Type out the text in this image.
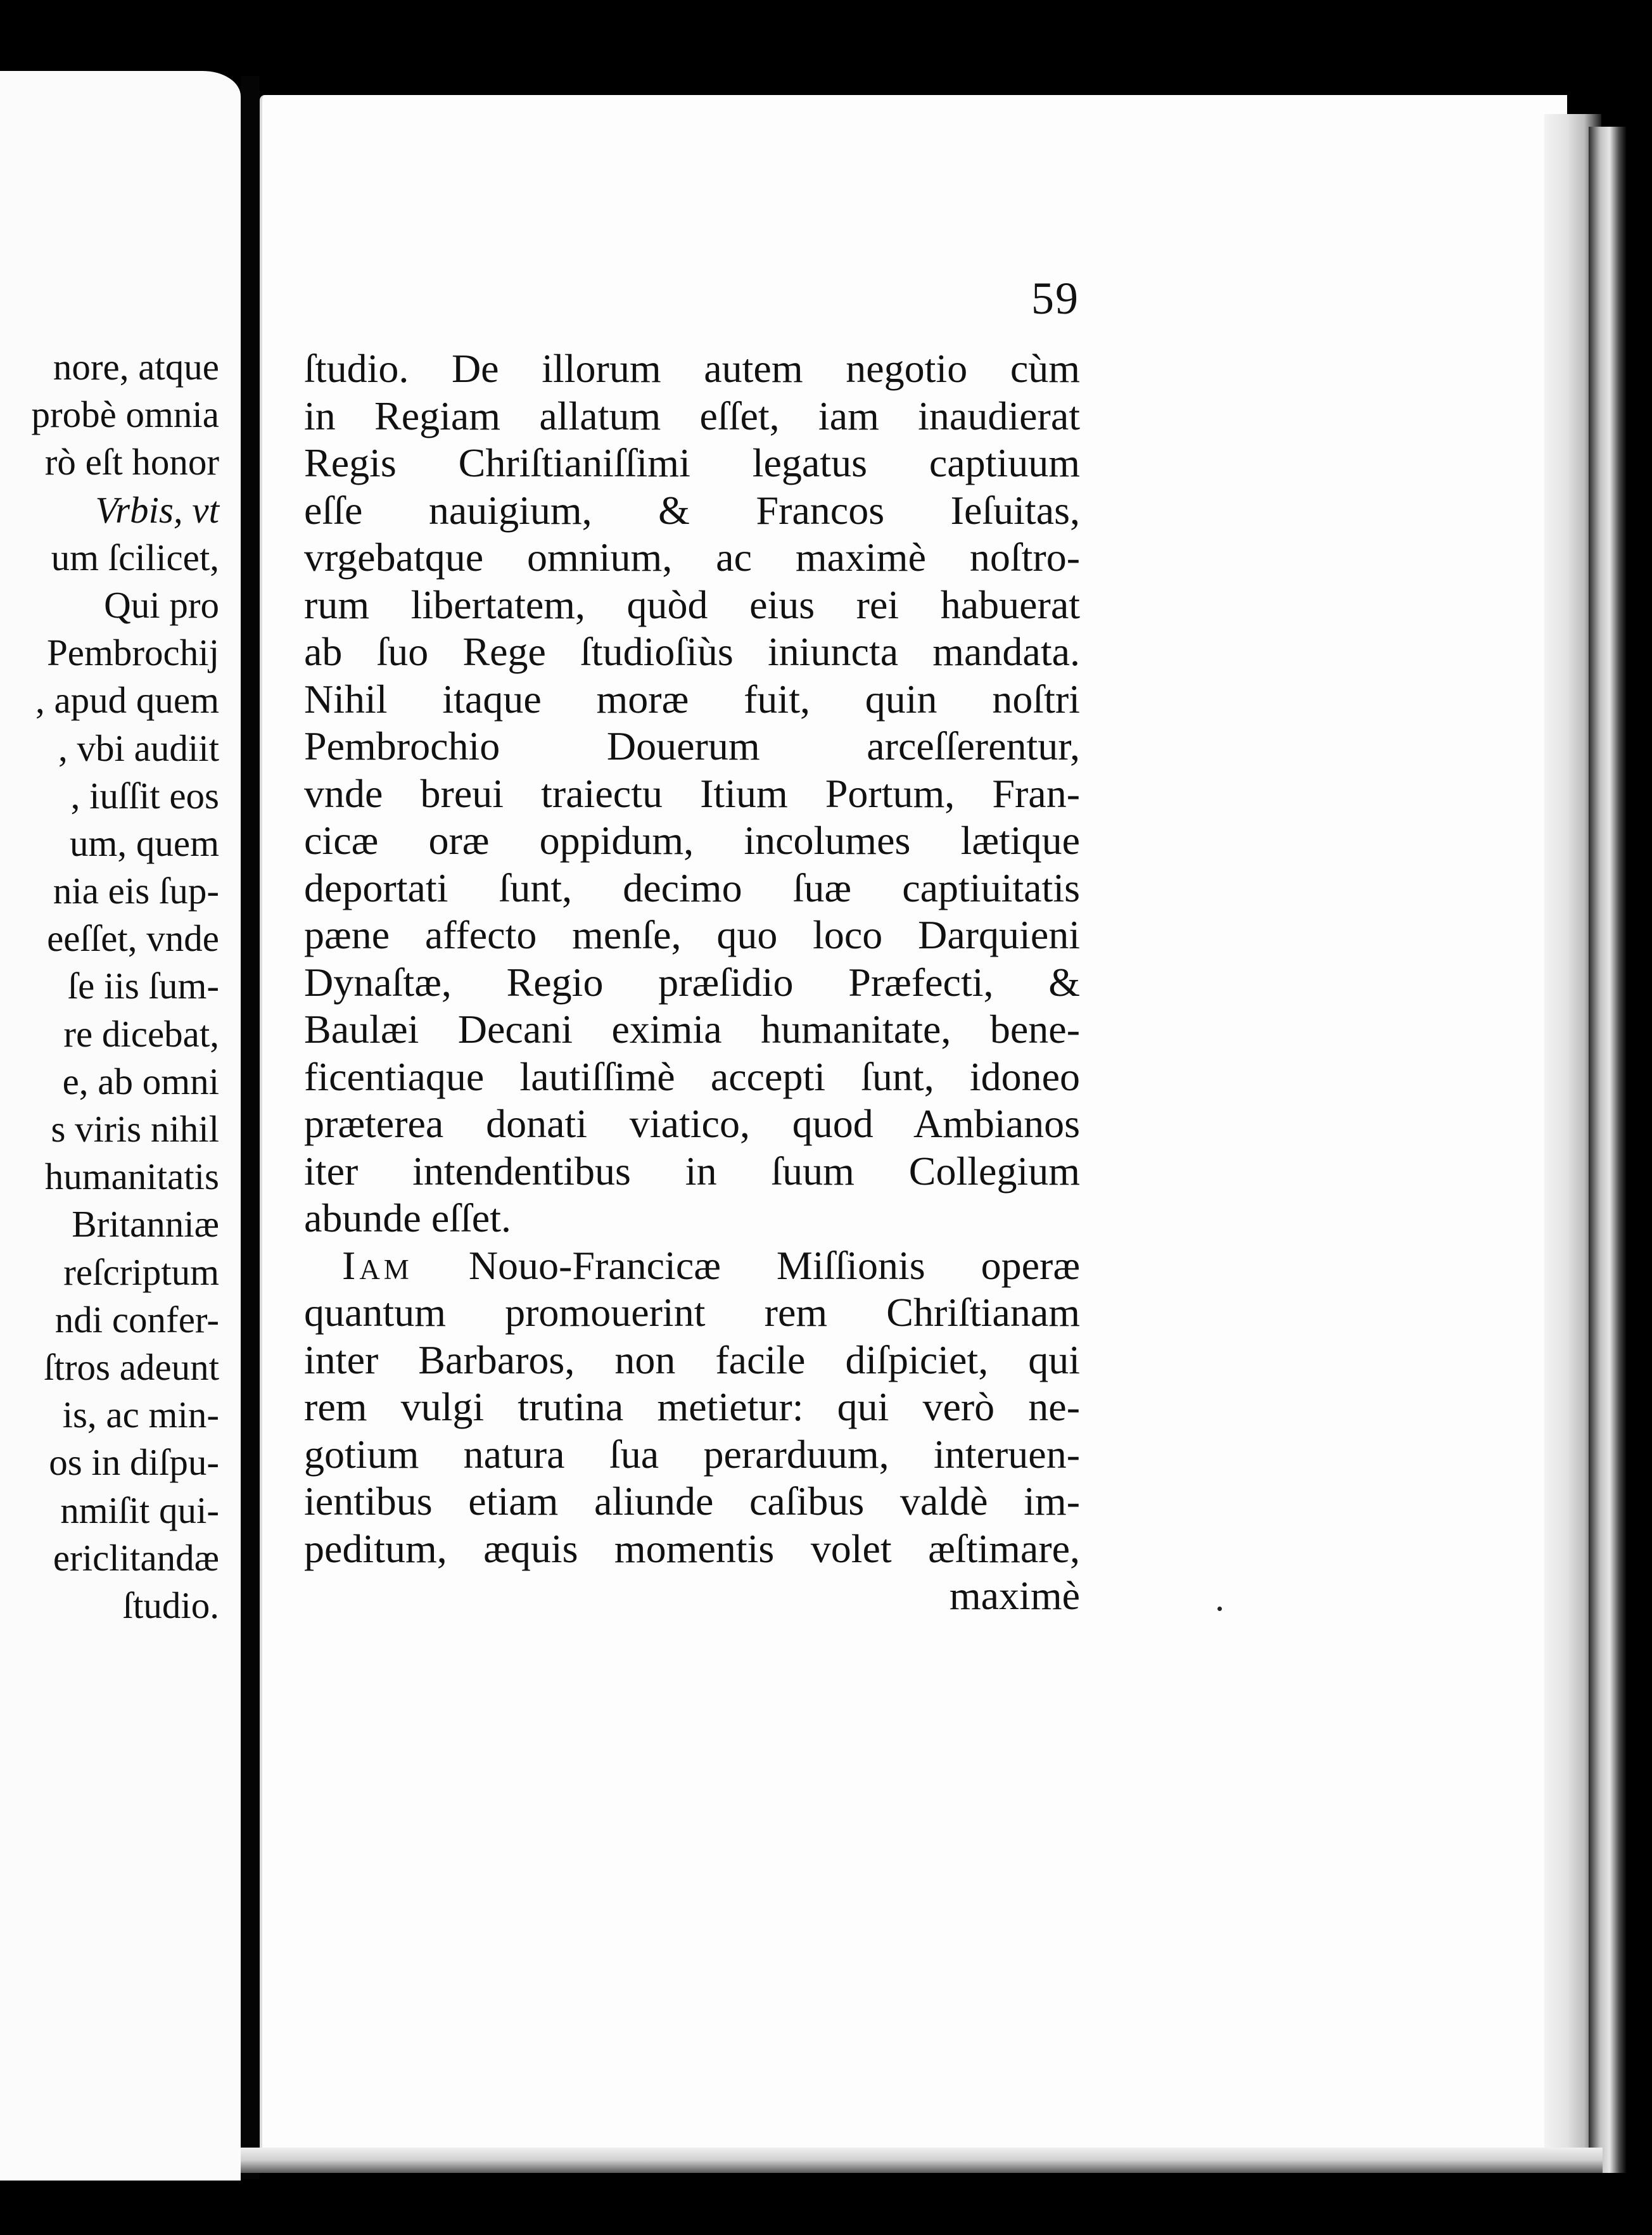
nore, atque
probè omnia
rò eſt honor
Vrbis, vt
um ſcilicet,
Qui pro
Pembrochij
, apud quem
, vbi audiit
, iuſſit eos
um, quem
nia eis ſup-
eeſſet, vnde
ſe iis ſum-
re dicebat,
e, ab omni
s viris nihil
humanitatis
Britanniæ
reſcriptum
ndi confer-
ſtros adeunt
is, ac min-
os in diſpu-
nmiſit qui-
ericlitandæ
ſtudio.
59
ſtudio. De illorum autem negotio cùm
in Regiam allatum eſſet, iam inaudierat
Regis Chriſtianiſſimi legatus captiuum
eſſe nauigium, & Francos Ieſuitas,
vrgebatque omnium, ac maximè noſtro-
rum libertatem, quòd eius rei habuerat
ab ſuo Rege ſtudioſiùs iniuncta mandata.
Nihil itaque moræ fuit, quin noſtri
Pembrochio Douerum arceſſerentur,
vnde breui traiectu Itium Portum, Fran-
cicæ oræ oppidum, incolumes lætique
deportati ſunt, decimo ſuæ captiuitatis
pæne affecto menſe, quo loco Darquieni
Dynaſtæ, Regio præſidio Præfecti, &
Baulæi Decani eximia humanitate, bene-
ficentiaque lautiſſimè accepti ſunt, idoneo
præterea donati viatico, quod Ambianos
iter intendentibus in ſuum Collegium
abunde eſſet.
Iam Nouo-Francicæ Miſſionis operæ
quantum promouerint rem Chriſtianam
inter Barbaros, non facile diſpiciet, qui
rem vulgi trutina metietur: qui verò ne-
gotium natura ſua perarduum, interuen-
ientibus etiam aliunde caſibus valdè im-
peditum, æquis momentis volet æſtimare,
maximè
